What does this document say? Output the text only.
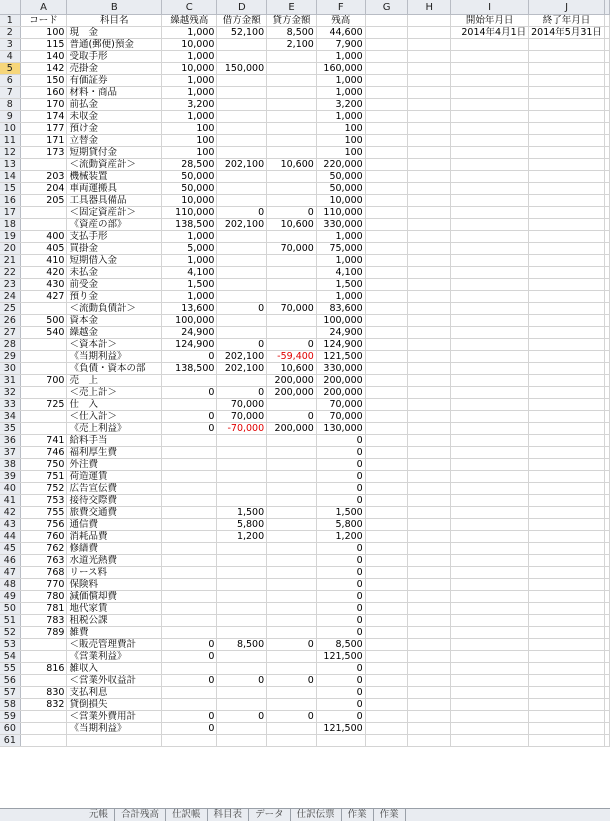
	A	B	C	D	E	F	G	H	I	J	
1	コード	科目名	繰越残高	借方金額	貸方金額	残高			開始年月日	終了年月日	
2	100	現　金	1,000	52,100	8,500	44,600			2014年4月1日	2014年5月31日	
3	115	普通(郵便)預金	10,000		2,100	7,900					
4	140	受取手形	1,000			1,000					
5	142	売掛金	10,000	150,000		160,000					
6	150	有価証券	1,000			1,000					
7	160	材料・商品	1,000			1,000					
8	170	前払金	3,200			3,200					
9	174	未収金	1,000			1,000					
10	177	預け金	100			100					
11	171	立替金	100			100					
12	173	短期貸付金	100			100					
13		＜流動資産計＞	28,500	202,100	10,600	220,000					
14	203	機械装置	50,000			50,000					
15	204	車両運搬具	50,000			50,000					
16	205	工具器具備品	10,000			10,000					
17		＜固定資産計＞	110,000	0	0	110,000					
18		《資産の部》	138,500	202,100	10,600	330,000					
19	400	支払手形	1,000			1,000					
20	405	買掛金	5,000		70,000	75,000					
21	410	短期借入金	1,000			1,000					
22	420	未払金	4,100			4,100					
23	430	前受金	1,500			1,500					
24	427	預り金	1,000			1,000					
25		＜流動負債計＞	13,600	0	70,000	83,600					
26	500	資本金	100,000			100,000					
27	540	繰越金	24,900			24,900					
28		＜資本計＞	124,900	0	0	124,900					
29		《当期利益》	0	202,100	-59,400	121,500					
30		《負債・資本の部	138,500	202,100	10,600	330,000					
31	700	売　上			200,000	200,000					
32		＜売上計＞	0	0	200,000	200,000					
33	725	仕　入		70,000		70,000					
34		＜仕入計＞	0	70,000	0	70,000					
35		《売上利益》	0	-70,000	200,000	130,000					
36	741	給料手当				0					
37	746	福利厚生費				0					
38	750	外注費				0					
39	751	荷造運賃				0					
40	752	広告宣伝費				0					
41	753	接待交際費				0					
42	755	旅費交通費		1,500		1,500					
43	756	通信費		5,800		5,800					
44	760	消耗品費		1,200		1,200					
45	762	修繕費				0					
46	763	水道光熱費				0					
47	768	リース料				0					
48	770	保険料				0					
49	780	減価償却費				0					
50	781	地代家賃				0					
51	783	租税公課				0					
52	789	雑費				0					
53		＜販売管理費計	0	8,500	0	8,500					
54		《営業利益》	0			121,500					
55	816	雑収入				0					
56		＜営業外収益計	0	0	0	0					
57	830	支払利息				0					
58	832	貸倒損失				0					
59		＜営業外費用計	0	0	0	0					
60		《当期利益》	0			121,500					
61											
元帳 合計残高 仕訳帳 科目表 データ 仕訳伝票 作業 作業
